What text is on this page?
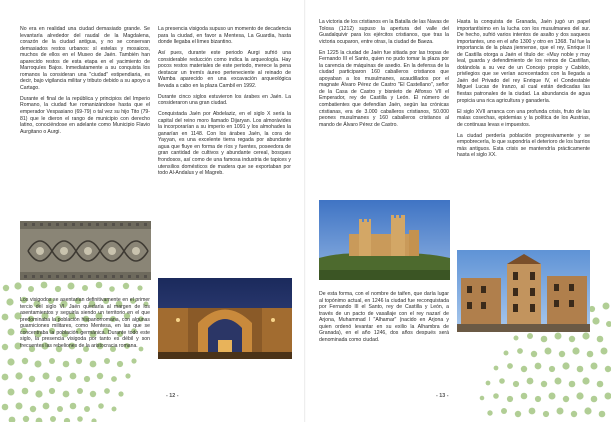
No era en realidad una ciudad demasiado grande. Se levantaría alrededor del raudal de la Magdalena, corazón de la ciudad antigua, y no se conservan demasiados restos urbanos: sí estelas y mosaicos, muchos de ellos en el Museo de Jaén. También han aparecido restos de esta etapa en el yacimiento de Marroquíes Bajos. Inmediatamente a su conquista los romanos la consideran una "ciudad" estipendiaria, es decir, bajo vigilancia militar y tributo debido a su apoyo a Cartago.

Durante el final de la república y principios del Imperio Romano, la ciudad fue romanizándose hasta que el emperador Vespasiano (69-79) o tal vez su hijo Tito (79-81) que le dieron el rango de municipio con derecho latino, conociéndose en adelante como Municipio Flavio Aurgitano o Aurgi.

Los visigodos se asentarían definitivamente en el primer tercio del siglo VI. Jaén quedaría al margen de los asentamientos y seguiría siendo un territorio en el que predominaba la población hispanorromana, con algunas guarniciones militares, como Mentesa, en las que se concentraba la población germánica. Durante todo este siglo, la presencia visigoda por tanto es débil y son frecuentes las rebeliones de la aristocracia romana.

La presencia visigoda supuso un momento de decadencia para la ciudad, en favor a Mentesa, La Guardia, hasta donde llegaba el limes bizantino.

Así pues, durante este periodo Aurgi sufrió una considerable reducción como indica la arqueología. Hay pocos restos materiales de este periodo, merece la pena destacar un tremís áureo perteneciente al reinado de Wamba aparecido en una excavación arqueológica llevada a cabo en la plaza Cambil en 1992.

Durante cinco siglos estuvieron los árabes en Jaén. La consideraron una gran ciudad.

Conquistada Jaén por Abdelaziz, en el siglo X sería la capital del reino moro llamado Dijaryan. Los almorávides la incorporarían a su imperio en 1091 y los almohades la ganarían en 1148. Con los árabes Jaén, la cora de Yayyan, es una excelente tierra regada por abundante agua que fluye en forma de ríos y fuentes, poseedora de gran cantidad de cultivos y abundante cereal, bosques frondosos, así como de una famosa industria de tapices y utensilios domésticos de madera que se exportaban por todo Al-Andalus y el Magreb.

- 12 -

La victoria de los cristianos en la Batalla de las Navas de Tolosa (1212) supuso la apertura del valle del Guadalquivir para los ejércitos cristianos, que tras la victoria ocuparon, entre otras, la ciudad de Baeza.

En 1225 la ciudad de Jaén fue sitiada por las tropas de Fernando III el Santo, quien no pudo tomar la plaza por la carencia de máquinas de asedio. En la defensa de la ciudad participaron 160 caballeros cristianos que apoyaban a los musulmanes, acaudillados por el magnate Álvaro Pérez de Castro "El Castellano", señor de la Casa de Castro y bisnieto de Alfonso VII el Emperador, rey de Castilla y León. El número de combatientes que defendían Jaén, según las crónicas cristianas, era de 3.000 caballeros cristianos, 50.000 peones musulmanes y 160 caballeros cristianos al mando de Álvaro Pérez de Castro.

De esta forma, con el nombre de taifen, que daría lugar al topónimo actual, en 1246 la ciudad fue reconquistada por Fernando III el Santo, rey de Castilla y León, a través de un pacto de vasallaje con el rey nazarí de Arjona, Muhammad I "Alhamar" (nacido en Arjona y quien ordenó levantar en su exilio la Alhambra de Granada), en el año 1246, dos años después será denominada como ciudad.

Hasta la conquista de Granada, Jaén jugó un papel importantísimo en la lucha con los musulmanes del sur. De hecho, sufrió varios intentos de asalto y dos saqueos importantes, uno en el año 1300 y otro en 1368. Tal fue la importancia de la plaza jiennense, que el rey, Enrique II de Castilla otorga a Jaén el título de: «Muy noble y muy leal, guarda y defendimiento de los reinos de Castillan, dotándola a su vez de un Concejo propio y Cabildo, privilegios que se verían acrecentados con la llegada a Jaén del Privado del rey Enrique IV, el Condestable Miguel Lucas de Iranzo, al cual están dedicadas las fiestas patronales de la ciudad. La abundancia de agua propicia una rica agricultura y ganadería.

El siglo XVII arranca con una profunda crisis, fruto de las malas cosechas, epidemias y la política de los Austrias, de continuas levas e impuestos.

La ciudad perdería población progresivamente y se empobrecería, lo que supondría el deterioro de los barrios más antiguos. Esta crisis se mantendría prácticamente hasta el siglo XX.

- 13 -
